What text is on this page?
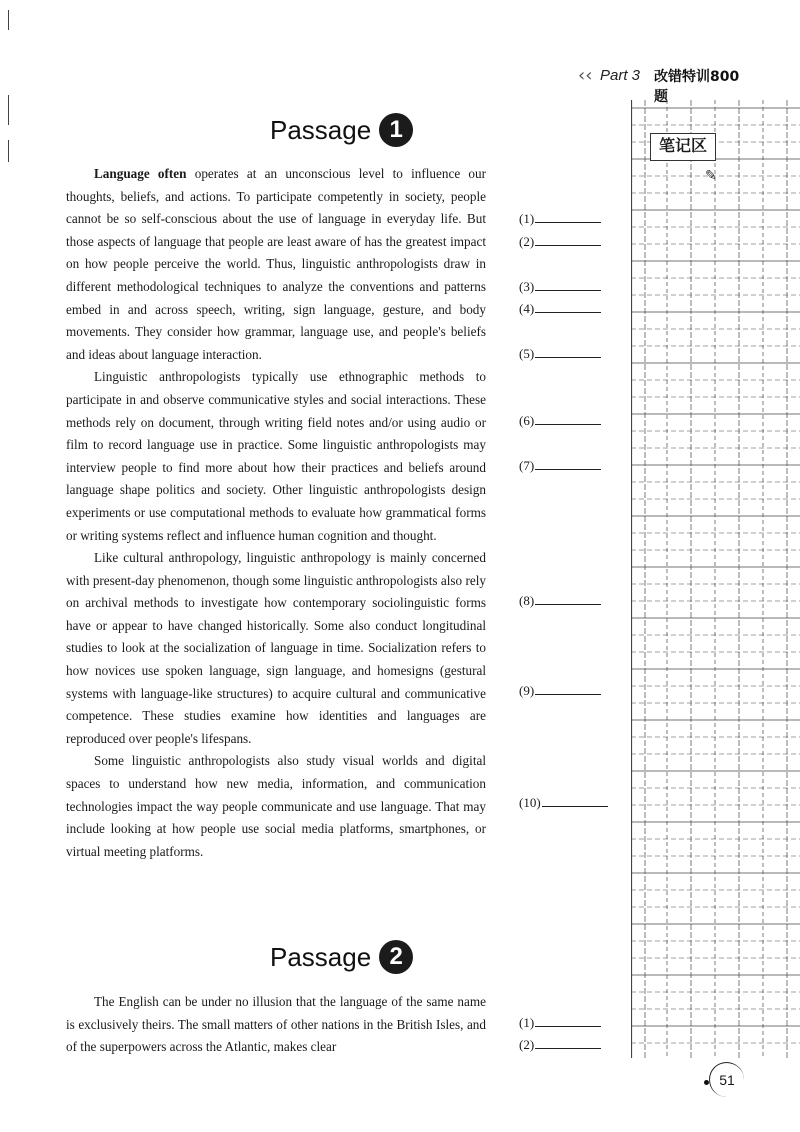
‹‹ Part 3 改错特训800题
笔记区
✎
Passage 1

Language often operates at an unconscious level to influence our thoughts, beliefs, and actions. To participate competently in society, people cannot be so self-conscious about the use of language in everyday life. But those aspects of language that people are least aware of has the greatest impact on how people perceive the world. Thus, linguistic anthropologists draw in different methodological techniques to analyze the conventions and patterns embed in and across speech, writing, sign language, gesture, and body movements. They consider how grammar, language use, and people's beliefs and ideas about language interaction.

Linguistic anthropologists typically use ethnographic methods to participate in and observe communicative styles and social interactions. These methods rely on document, through writing field notes and/or using audio or film to record language use in practice. Some linguistic anthropologists may interview people to find more about how their practices and beliefs around language shape politics and society. Other linguistic anthropologists design experiments or use computational methods to evaluate how grammatical forms or writing systems reflect and influence human cognition and thought.

Like cultural anthropology, linguistic anthropology is mainly concerned with present-day phenomenon, though some linguistic anthropologists also rely on archival methods to investigate how contemporary sociolinguistic forms have or appear to have changed historically. Some also conduct longitudinal studies to look at the socialization of language in time. Socialization refers to how novices use spoken language, sign language, and homesigns (gestural systems with language-like structures) to acquire cultural and communicative competence. These studies examine how identities and languages are reproduced over people's lifespans.

Some linguistic anthropologists also study visual worlds and digital spaces to understand how new media, information, and communication technologies impact the way people communicate and use language. That may include looking at how people use social media platforms, smartphones, or virtual meeting platforms.

(1)
(2)
(3)
(4)
(5)
(6)
(7)
(8)
(9)
(10)
Passage 2

The English can be under no illusion that the language of the same name is exclusively theirs. The small matters of other nations in the British Isles, and of the superpowers across the Atlantic, makes clear

(1)
(2)
51
